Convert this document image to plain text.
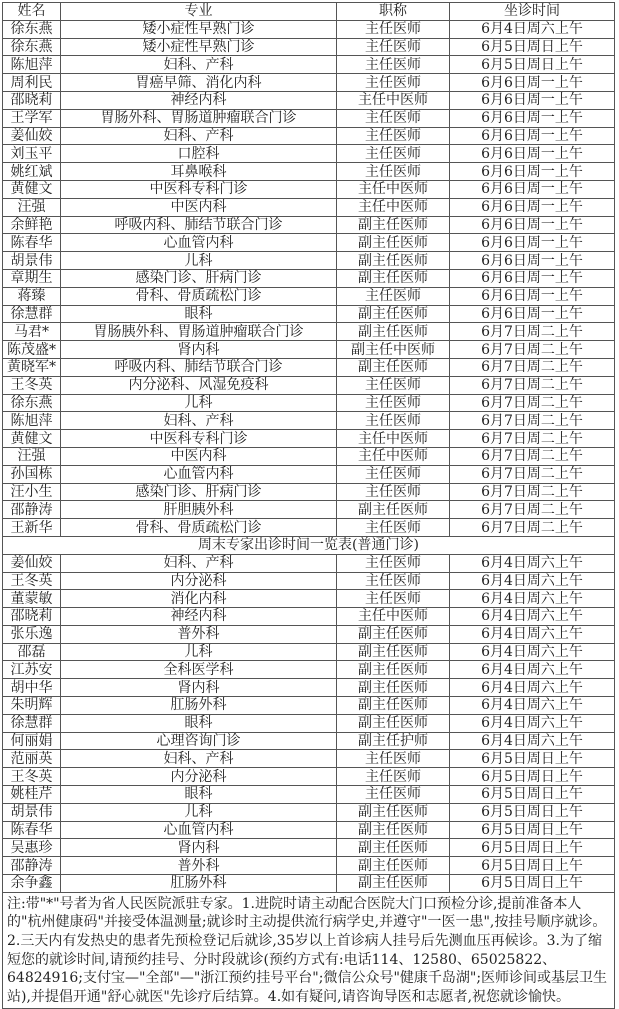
姓名	专业	职称	坐诊时间
徐东燕	矮小症性早熟门诊	主任医师	6月4日周六上午
徐东燕	矮小症性早熟门诊	主任医师	6月5日周日上午
陈旭萍	妇科、产科	主任医师	6月5日周日上午
周利民	胃癌早筛、消化内科	主任医师	6月6日周一上午
邵晓莉	神经内科	主任中医师	6月6日周一上午
王学军	胃肠外科、胃肠道肿瘤联合门诊	主任医师	6月6日周一上午
姜仙姣	妇科、产科	主任医师	6月6日周一上午
刘玉平	口腔科	主任医师	6月6日周一上午
姚红斌	耳鼻喉科	主任医师	6月6日周一上午
黄健文	中医科专科门诊	主任中医师	6月6日周一上午
汪强	中医内科	主任中医师	6月6日周一上午
余鲜艳	呼吸内科、肺结节联合门诊	副主任医师	6月6日周一上午
陈春华	心血管内科	副主任医师	6月6日周一上午
胡景伟	儿科	副主任医师	6月6日周一上午
章期生	感染门诊、肝病门诊	副主任医师	6月6日周一上午
蒋臻	骨科、骨质疏松门诊	主任医师	6月6日周一上午
徐慧群	眼科	副主任医师	6月6日周一上午
马君*	胃肠胰外科、胃肠道肿瘤联合门诊	副主任医师	6月7日周二上午
陈茂盛*	肾内科	副主任中医师	6月7日周二上午
黄晓军*	呼吸内科、肺结节联合门诊	副主任医师	6月7日周二上午
王冬英	内分泌科、风湿免疫科	主任医师	6月7日周二上午
徐东燕	儿科	主任医师	6月7日周二上午
陈旭萍	妇科、产科	主任医师	6月7日周二上午
黄健文	中医科专科门诊	主任中医师	6月7日周二上午
汪强	中医内科	主任中医师	6月7日周二上午
孙国栋	心血管内科	主任医师	6月7日周二上午
汪小生	感染门诊、肝病门诊	主任医师	6月7日周二上午
邵静涛	肝胆胰外科	副主任医师	6月7日周二上午
王新华	骨科、骨质疏松门诊	主任医师	6月7日周二上午
周末专家出诊时间一览表(普通门诊)			
姜仙姣	妇科、产科	主任医师	6月4日周六上午
王冬英	内分泌科	主任医师	6月4日周六上午
董蒙敏	消化内科	主任医师	6月4日周六上午
邵晓莉	神经内科	主任中医师	6月4日周六上午
张乐逸	普外科	副主任医师	6月4日周六上午
邵磊	儿科	副主任医师	6月4日周六上午
江苏安	全科医学科	副主任医师	6月4日周六上午
胡中华	肾内科	副主任医师	6月4日周六上午
朱明辉	肛肠外科	副主任医师	6月4日周六上午
徐慧群	眼科	副主任医师	6月4日周六上午
何丽娟	心理咨询门诊	副主任护师	6月4日周六上午
范丽英	妇科、产科	主任医师	6月5日周日上午
王冬英	内分泌科	主任医师	6月5日周日上午
姚桂芹	眼科	主任医师	6月5日周日上午
胡景伟	儿科	副主任医师	6月5日周日上午
陈春华	心血管内科	副主任医师	6月5日周日上午
吴惠珍	肾内科	副主任医师	6月5日周日上午
邵静涛	普外科	副主任医师	6月5日周日上午
余争鑫	肛肠外科	副主任医师	6月5日周日上午
注:带"*"号者为省人民医院派驻专家。1.进院时请主动配合医院大门口预检分诊,提前准备本人的"杭州健康码"并接受体温测量;就诊时主动提供流行病学史,并遵守"一医一患",按挂号顺序就诊。2.三天内有发热史的患者先预检登记后就诊,35岁以上首诊病人挂号后先测血压再候诊。3.为了缩短您的就诊时间,请预约挂号、分时段就诊(预约方式有:电话114、12580、65025822、64824916;支付宝—"全部"—"浙江预约挂号平台";微信公众号"健康千岛湖";医师诊间或基层卫生站),并提倡开通"舒心就医"先诊疗后结算。4.如有疑问,请咨询导医和志愿者,祝您就诊愉快。			
